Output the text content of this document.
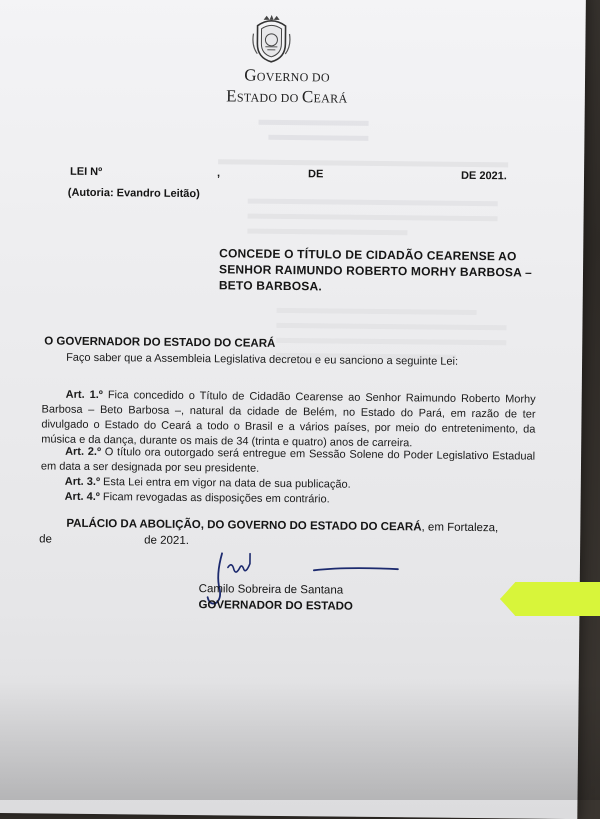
GOVERNO DO
ESTADO DO CEARÁ
LEI Nº	,	DE	DE 2021.
(Autoria: Evandro Leitão)
CONCEDE O TÍTULO DE CIDADÃO CEARENSE AO SENHOR RAIMUNDO ROBERTO MORHY BARBOSA – BETO BARBOSA.
O GOVERNADOR DO ESTADO DO CEARÁ
Faço saber que a Assembleia Legislativa decretou e eu sanciono a seguinte Lei:
Art. 1.º Fica concedido o Título de Cidadão Cearense ao Senhor Raimundo Roberto Morhy Barbosa – Beto Barbosa –, natural da cidade de Belém, no Estado do Pará, em razão de ter divulgado o Estado do Ceará a todo o Brasil e a vários países, por meio do entretenimento, da música e da dança, durante os mais de 34 (trinta e quatro) anos de carreira.
Art. 2.º O título ora outorgado será entregue em Sessão Solene do Poder Legislativo Estadual em data a ser designada por seu presidente.
Art. 3.º Esta Lei entra em vigor na data de sua publicação.
Art. 4.º Ficam revogadas as disposições em contrário.
PALÁCIO DA ABOLIÇÃO, DO GOVERNO DO ESTADO DO CEARÁ, em Fortaleza,
de	de 2021.
Camilo Sobreira de Santana
GOVERNADOR DO ESTADO
